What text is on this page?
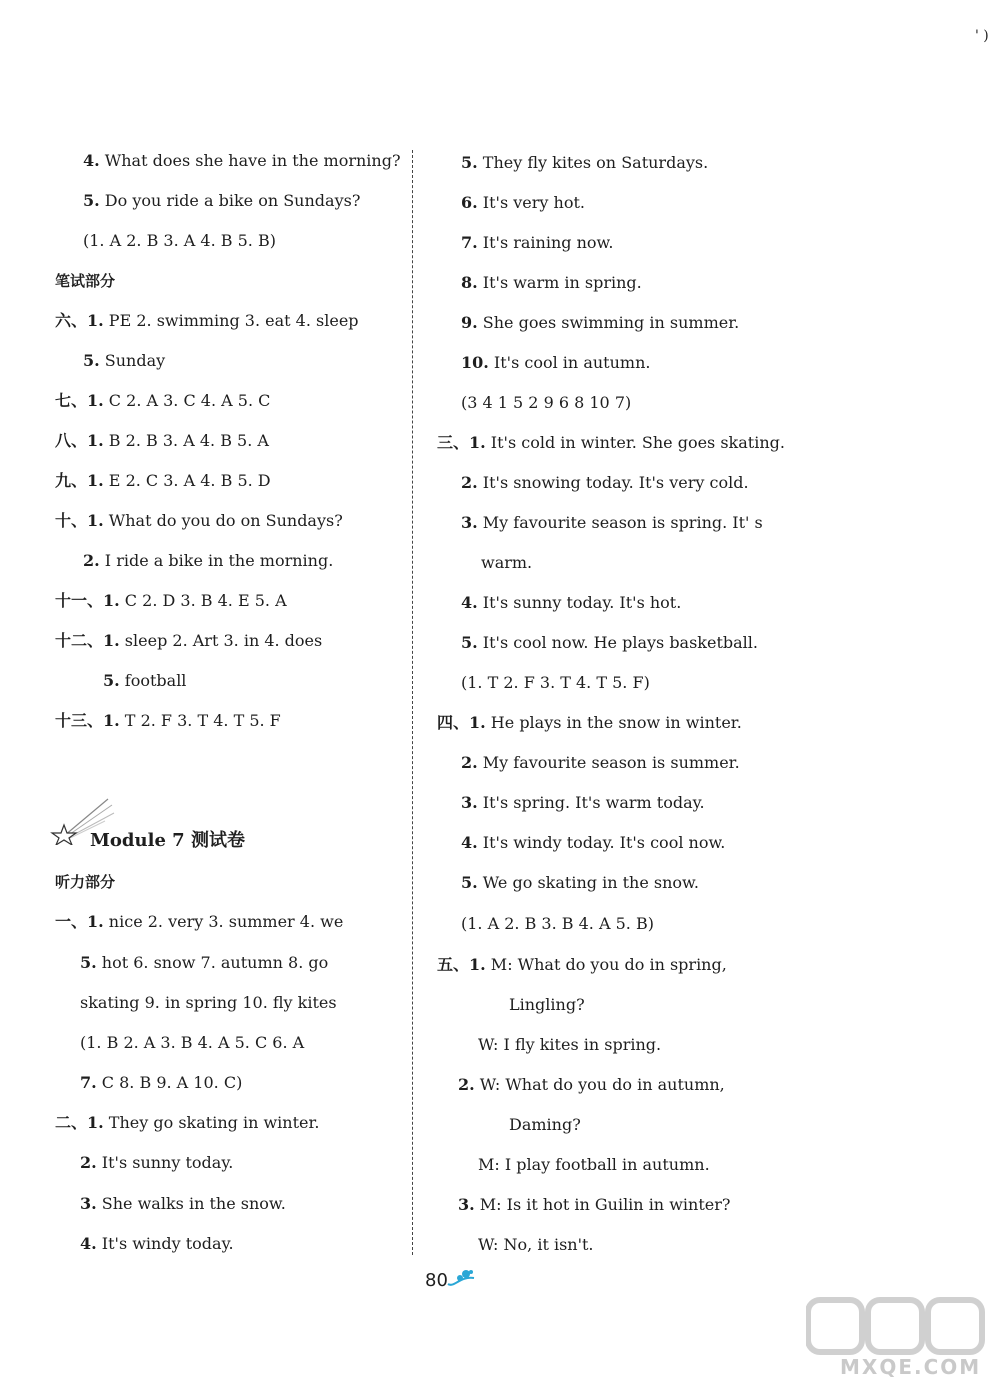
' )
4. What does she have in the morning?
5. Do you ride a bike on Sundays?
(1. A 2. B 3. A 4. B 5. B)
笔试部分
六、1. PE 2. swimming 3. eat 4. sleep
5. Sunday
七、1. C 2. A 3. C 4. A 5. C
八、1. B 2. B 3. A 4. B 5. A
九、1. E 2. C 3. A 4. B 5. D
十、1. What do you do on Sundays?
2. I ride a bike in the morning.
十一、1. C 2. D 3. B 4. E 5. A
十二、1. sleep 2. Art 3. in 4. does
5. football
十三、1. T 2. F 3. T 4. T 5. F
Module 7 测试卷
听力部分
一、1. nice 2. very 3. summer 4. we
5. hot 6. snow 7. autumn 8. go
skating 9. in spring 10. fly kites
(1. B 2. A 3. B 4. A 5. C 6. A
7. C 8. B 9. A 10. C)
二、1. They go skating in winter.
2. It's sunny today.
3. She walks in the snow.
4. It's windy today.
5. They fly kites on Saturdays.
6. It's very hot.
7. It's raining now.
8. It's warm in spring.
9. She goes swimming in summer.
10. It's cool in autumn.
(3 4 1 5 2 9 6 8 10 7)
三、1. It's cold in winter. She goes skating.
2. It's snowing today. It's very cold.
3. My favourite season is spring. It' s
warm.
4. It's sunny today. It's hot.
5. It's cool now. He plays basketball.
(1. T 2. F 3. T 4. T 5. F)
四、1. He plays in the snow in winter.
2. My favourite season is summer.
3. It's spring. It's warm today.
4. It's windy today. It's cool now.
5. We go skating in the snow.
(1. A 2. B 3. B 4. A 5. B)
五、1. M: What do you do in spring,
Lingling?
W: I fly kites in spring.
2. W: What do you do in autumn,
Daming?
M: I play football in autumn.
3. M: Is it hot in Guilin in winter?
W: No, it isn't.
80
MXQE.COM
